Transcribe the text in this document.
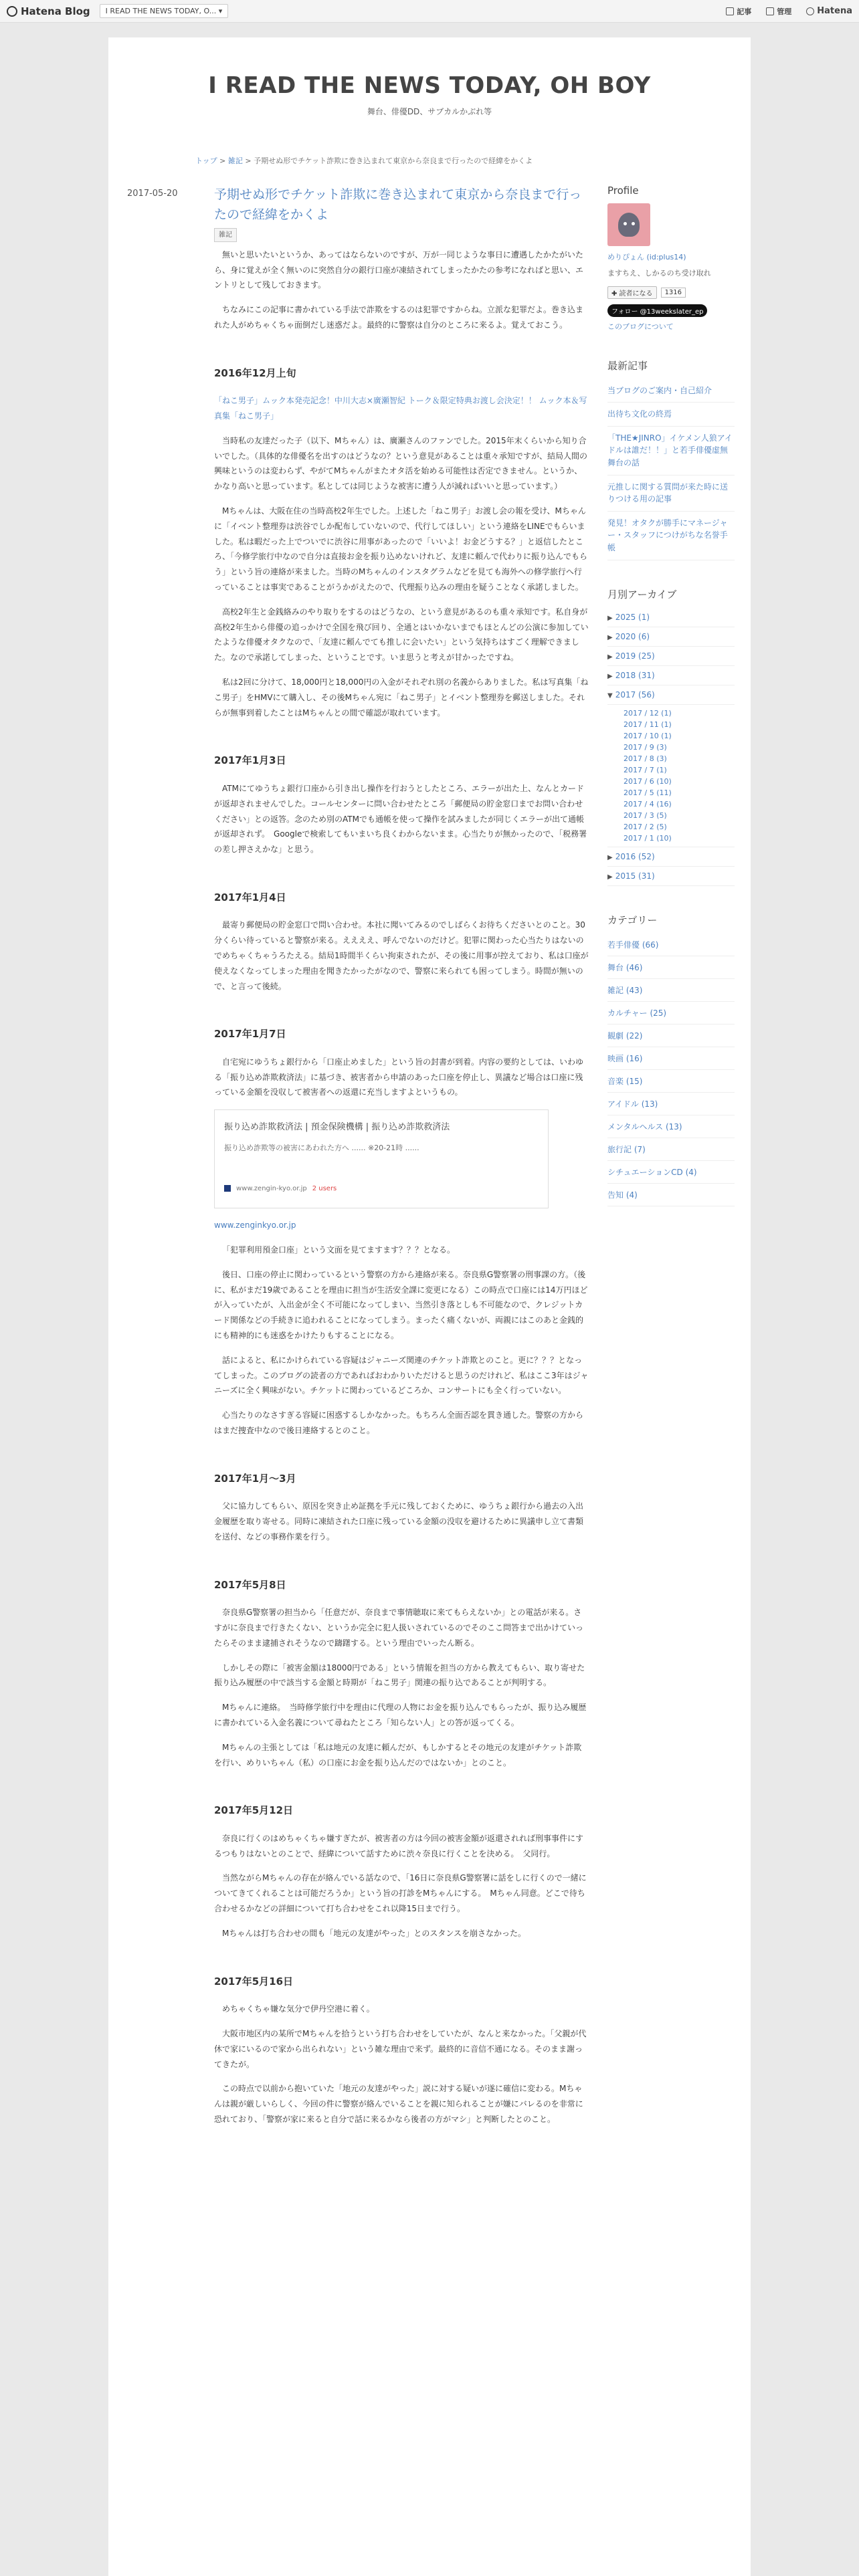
Hatena Blog	I READ THE NEWS TODAY, O... ▾	記事	管理	Hatena
I READ THE NEWS TODAY, OH BOY
舞台、俳優DD、サブカルかぶれ等
トップ > 雑記 > 予期せぬ形でチケット詐欺に巻き込まれて東京から奈良まで行ったので経緯をかくよ
2017-05-20	予期せぬ形でチケット詐欺に巻き込まれて東京から奈良まで行ったので経緯をかくよ
雑記

無いと思いたいというか、あってはならないのですが、万が一同じような事日に遭遇したかたがいたら、身に覚えが全く無いのに突然自分の銀行口座が凍結されてしまったかたの参考になればと思い、エントリとして残しておきます。

ちなみにこの記事に書かれている手法で詐欺をするのは犯罪ですからね。立派な犯罪だよ。巻き込まれた人がめちゃくちゃ面倒だし迷惑だよ。最終的に警察は自分のところに来るよ。覚えておこう。

2016年12月上旬
「ねこ男子」ムック本発売記念！中川大志×廣瀬智紀 トーク＆限定特典お渡し会決定！！ ムック本＆写真集「ねこ男子」

当時私の友達だった子（以下、Mちゃん）は、廣瀬さんのファンでした。2015年末くらいから知り合いでした。（具体的な俳優名を出すのはどうなの？という意見があることは重々承知ですが、結局人間の興味というのは変わらず、やがてMちゃんがまたオタ活を始める可能性は否定できません。というか、かなり高いと思っています。私としては同じような被害に遭う人が減ればいいと思っています。）

Mちゃんは、大阪在住の当時高校2年生でした。上述した「ねこ男子」お渡し会の報を受け、Mちゃんに「イベント整理券は渋谷でしか配布していないので、代行してほしい」という連絡をLINEでもらいました。私は暇だった上でついでに渋谷に用事があったので「いいよ！お金どうする？」と返信したところ、「今修学旅行中なので自分は直接お金を振り込めないけれど、友達に頼んで代わりに振り込んでもらう」という旨の連絡が来ました。当時のMちゃんのインスタグラムなどを見ても海外への修学旅行へ行っていることは事実であることがうかがえたので、代理振り込みの理由を疑うことなく承諾しました。

高校2年生と金銭絡みのやり取りをするのはどうなの、という意見があるのも重々承知です。私自身が高校2年生から俳優の追っかけで全国を飛び回り、全通とはいかないまでもほとんどの公演に参加していたような俳優オタクなので、「友達に頼んでても推しに会いたい」という気持ちはすごく理解できました。なので承諾してしまった、ということです。いま思うと考えが甘かったですね。

私は2回に分けて、18,000円と18,000円の入金がそれぞれ別の名義からありました。私は写真集「ねこ男子」をHMVにて購入し、その後Mちゃん宛に「ねこ男子」とイベント整理券を郵送しました。それらが無事到着したことはMちゃんとの間で確認が取れています。

2017年1月3日

ATMにてゆうちょ銀行口座から引き出し操作を行おうとしたところ、エラーが出た上、なんとカードが返却されませんでした。コールセンターに問い合わせたところ「郵便局の貯金窓口までお問い合わせください」との返答。念のため別のATMでも通帳を使って操作を試みましたが同じくエラーが出て通帳が返却されず。　Googleで検索してもいまいち良くわからないまま。心当たりが無かったので、「税務署の差し押さえかな」と思う。

2017年1月4日

最寄り郵便局の貯金窓口で問い合わせ。本社に聞いてみるのでしばらくお待ちくださいとのこと。30分くらい待っていると警察が来る。ええええ、呼んでないのだけど。犯罪に関わった心当たりはないのでめちゃくちゃうろたえる。結局1時間半くらい拘束されたが、その後に用事が控えており、私は口座が使えなくなってしまった理由を聞きたかったがなので、警察に来られても困ってしまう。時間が無いので、と言って後続。

2017年1月7日

自宅宛にゆうちょ銀行から「口座止めました」という旨の封書が到着。内容の要約としては、いわゆる「振り込め詐欺救済法」に基づき、被害者から申請のあった口座を停止し、異議など場合は口座に残っている金額を没収して被害者への返還に充当しますよというもの。

振り込め詐欺救済法 | 預金保険機構 | 振り込め詐欺救済法
振り込め詐欺等の被害にあわれた方へ ...... ※20-21時 ......
www.zengin-kyo.or.jp 2 users
www.zenginkyo.or.jp

「犯罪利用預金口座」という文面を見てますます？？？となる。

後日、口座の停止に関わっているという警察の方から連絡が来る。奈良県G警察署の刑事課の方。（後に、私がまだ19歳であることを理由に担当が生活安全課に変更になる）この時点で口座には14万円ほどが入っていたが、入出金が全く不可能になってしまい、当然引き落としも不可能なので、クレジットカード関係などの手続きに追われることになってしまう。まったく痛くないが、両親にはこのあと金銭的にも精神的にも迷惑をかけたりもすることになる。

話によると、私にかけられている容疑はジャニーズ関連のチケット詐欺とのこと。更に？？？となってしまった。このブログの読者の方であればおわかりいただけると思うのだけれど、私はここ3年はジャニーズに全く興味がない。チケットに関わっているどころか、コンサートにも全く行っていない。

心当たりのなさすぎる容疑に困惑するしかなかった。もちろん全面否認を貫き通した。警察の方からはまだ捜査中なので後日連絡するとのこと。

2017年1月～3月

父に協力してもらい、原因を突き止め証拠を手元に残しておくために、ゆうちょ銀行から過去の入出金履歴を取り寄せる。同時に凍結された口座に残っている金額の没収を避けるために異議申し立て書類を送付、などの事務作業を行う。

2017年5月8日

奈良県G警察署の担当から「任意だが、奈良まで事情聴取に来てもらえないか」との電話が来る。さすがに奈良まで行きたくない、というか完全に犯人扱いされているのでそのここ問答まで出かけていったらそのまま逮捕されそうなので躊躇する。という理由でいったん断る。

しかしその際に「被害金額は18000円である」という情報を担当の方から教えてもらい、取り寄せた振り込み履歴の中で該当する金額と時期が「ねこ男子」関連の振り込であることが判明する。

Mちゃんに連絡。　当時修学旅行中を理由に代理の人物にお金を振り込んでもらったが、振り込み履歴に書かれている入金名義について尋ねたところ「知らない人」との答が返ってくる。

Mちゃんの主張としては「私は地元の友達に頼んだが、もしかするとその地元の友達がチケット詐欺を行い、めりいちゃん（私）の口座にお金を振り込んだのではないか」とのこと。

2017年5月12日

奈良に行くのはめちゃくちゃ嫌すぎたが、被害者の方は今回の被害金額が返還されれば刑事事件にするつもりはないとのことで、経緯について話すために渋々奈良に行くことを決める。　父同行。

当然ながらMちゃんの存在が絡んでいる話なので、「16日に奈良県G警察署に話をしに行くので一緒についてきてくれることは可能だろうか」という旨の打診をMちゃんにする。　Mちゃん同意。どこで待ち合わせるかなどの詳細について打ち合わせをこれ以降15日まで行う。

Mちゃんは打ち合わせの間も「地元の友達がやった」とのスタンスを崩さなかった。

2017年5月16日

めちゃくちゃ嫌な気分で伊丹空港に着く。

大阪市地区内の某所でMちゃんを拾うという打ち合わせをしていたが、なんと来なかった。「父親が代休で家にいるので家から出られない」という雑な理由で来ず。最終的に音信不通になる。そのまま謝ってきたが。

この時点で以前から抱いていた「地元の友達がやった」説に対する疑いが遂に確信に変わる。Mちゃんは親が厳しいらしく、今回の件に警察が絡んでいることを親に知られることが嫌にバレるのを非常に恐れており、「警察が家に来ると自分で話に来るかなら後者の方がマシ」と判断したとのこと。

Profile
めりぴょん (id:plus14)
ますちえ、しかるのち受け取れ
✚ 読者になる	1316
フォロー @13weekslater_ep
このブログについて
最新記事
当ブログのご案内・自己紹介
出待ち文化の終焉
「THE★JINRO」イケメン人狼アイドルは誰だ！！」と若手俳優虚無舞台の話
元推しに関する質問が来た時に送りつける用の記事
発見！オタクが勝手にマネージャー・スタッフにつけがちな名誉手帳
月別アーカイブ
▶ 2025 (1)
▶ 2020 (6)
▶ 2019 (25)
▶ 2018 (31)
▼ 2017 (56)
2017 / 12 (1)
2017 / 11 (1)
2017 / 10 (1)
2017 / 9 (3)
2017 / 8 (3)
2017 / 7 (1)
2017 / 6 (10)
2017 / 5 (11)
2017 / 4 (16)
2017 / 3 (5)
2017 / 2 (5)
2017 / 1 (10)
▶ 2016 (52)
▶ 2015 (31)
カテゴリー
若手俳優 (66)
舞台 (46)
雑記 (43)
カルチャー (25)
観劇 (22)
映画 (16)
音楽 (15)
アイドル (13)
メンタルヘルス (13)
旅行記 (7)
シチュエーションCD (4)
告知 (4)
